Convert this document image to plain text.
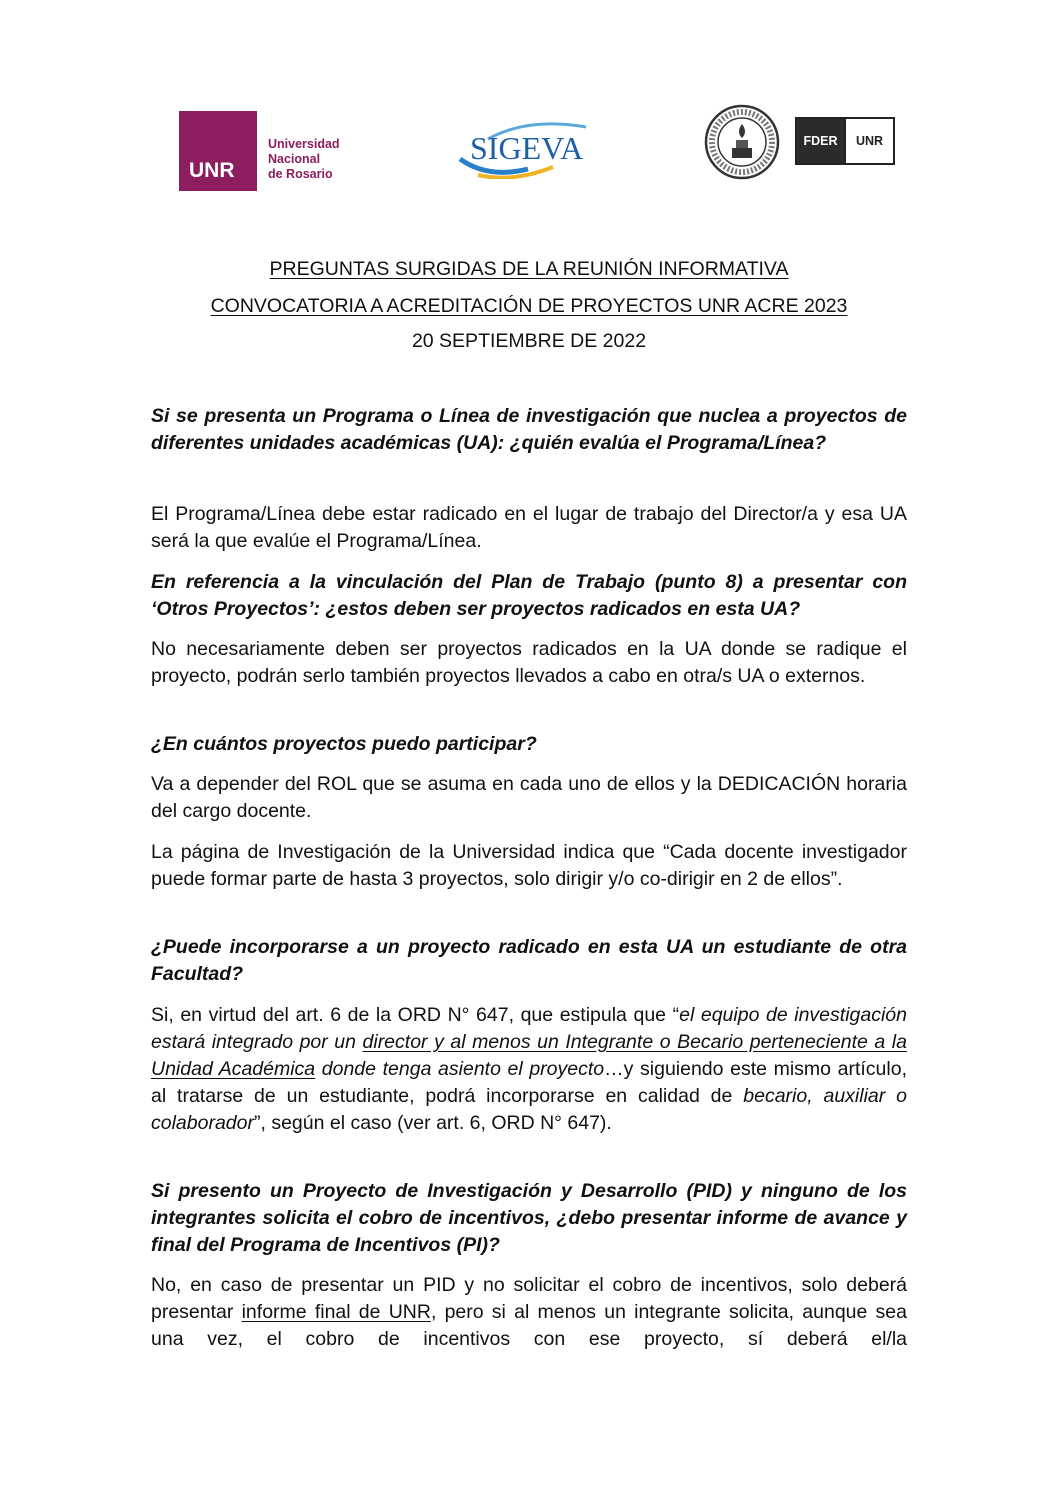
UNR
Universidad
Nacional
de Rosario
SIGEVA	FDER	UNR
PREGUNTAS SURGIDAS DE LA REUNIÓN INFORMATIVA
CONVOCATORIA A ACREDITACIÓN DE PROYECTOS UNR ACRE 2023
20 SEPTIEMBRE DE 2022
Si se presenta un Programa o Línea de investigación que nuclea a proyectos de diferentes unidades académicas (UA): ¿quién evalúa el Programa/Línea?
El Programa/Línea debe estar radicado en el lugar de trabajo del Director/a y esa UA será la que evalúe el Programa/Línea.
En referencia a la vinculación del Plan de Trabajo (punto 8) a presentar con ‘Otros Proyectos’: ¿estos deben ser proyectos radicados en esta UA?
No necesariamente deben ser proyectos radicados en la UA donde se radique el proyecto, podrán serlo también proyectos llevados a cabo en otra/s UA o externos.
¿En cuántos proyectos puedo participar?
Va a depender del ROL que se asuma en cada uno de ellos y la DEDICACIÓN horaria del cargo docente.
La página de Investigación de la Universidad indica que “Cada docente investigador puede formar parte de hasta 3 proyectos, solo dirigir y/o co-dirigir en 2 de ellos”.
¿Puede incorporarse a un proyecto radicado en esta UA un estudiante de otra Facultad?
Si, en virtud del art. 6 de la ORD N° 647, que estipula que “el equipo de investigación estará integrado por un director y al menos un Integrante o Becario perteneciente a la Unidad Académica donde tenga asiento el proyecto…y siguiendo este mismo artículo, al tratarse de un estudiante, podrá incorporarse en calidad de becario, auxiliar o colaborador”, según el caso (ver art. 6, ORD N° 647).
Si presento un Proyecto de Investigación y Desarrollo (PID) y ninguno de los integrantes solicita el cobro de incentivos, ¿debo presentar informe de avance y final del Programa de Incentivos (PI)?
No, en caso de presentar un PID y no solicitar el cobro de incentivos, solo deberá presentar informe final de UNR, pero si al menos un integrante solicita, aunque sea una vez, el cobro de incentivos con ese proyecto, sí deberá el/la
